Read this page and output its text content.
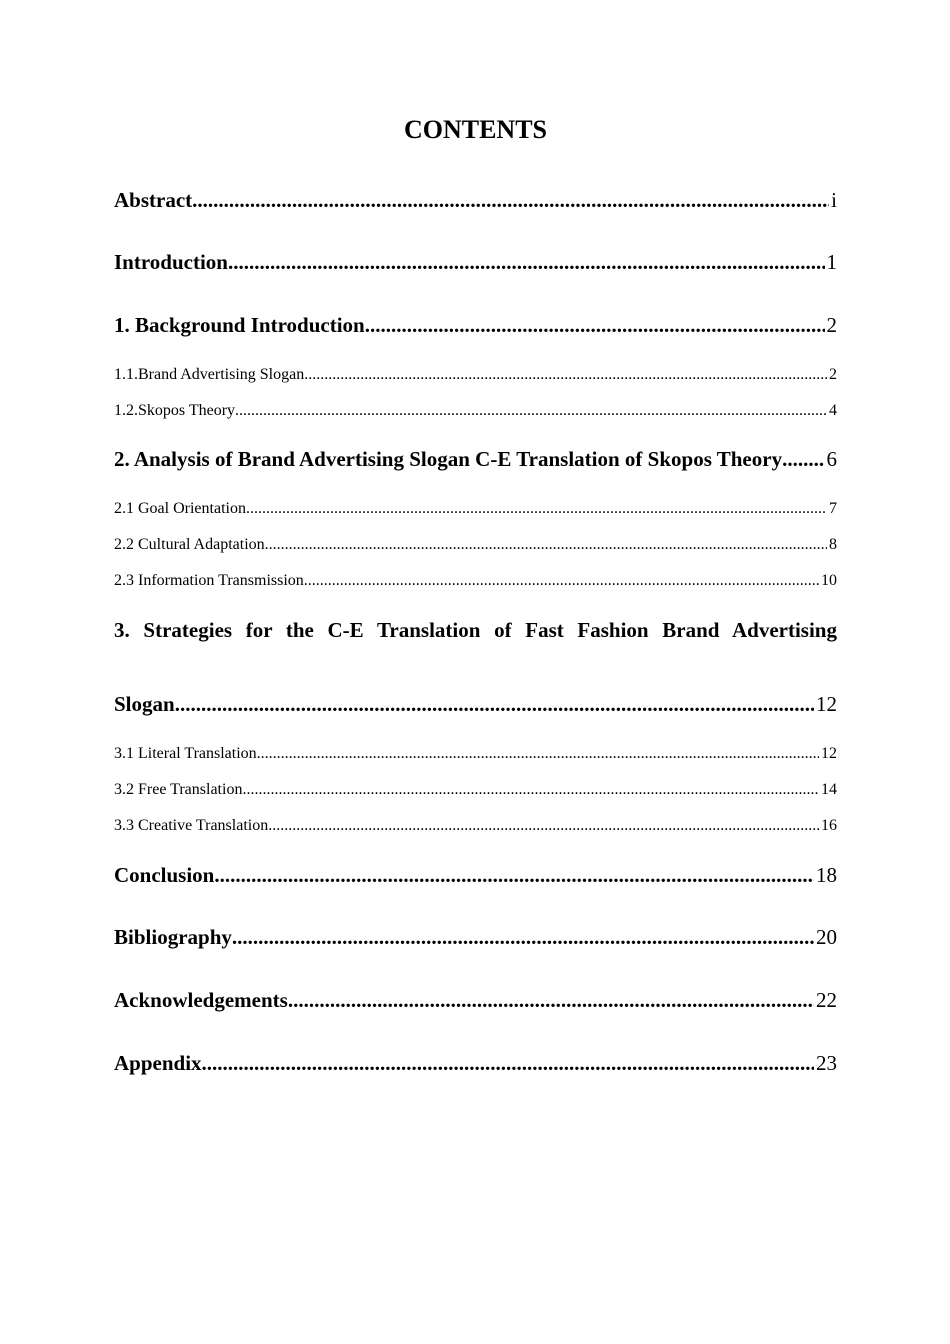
CONTENTS
Abstract .....	i
Introduction .....	1
1. Background Introduction .....	2
1.1.Brand Advertising Slogan .....	2
1.2.Skopos Theory .....	4
2. Analysis of Brand Advertising Slogan C-E Translation of Skopos Theory ..... 6
2.1 Goal Orientation .....	7
2.2 Cultural Adaptation .....	8
2.3 Information Transmission .....	10
3. Strategies for the C-E Translation of Fast Fashion Brand Advertising
Slogan .....	12
3.1 Literal Translation .....	12
3.2 Free Translation .....	14
3.3 Creative Translation .....	16
Conclusion .....	18
Bibliography .....	20
Acknowledgements .....	22
Appendix .....	23
